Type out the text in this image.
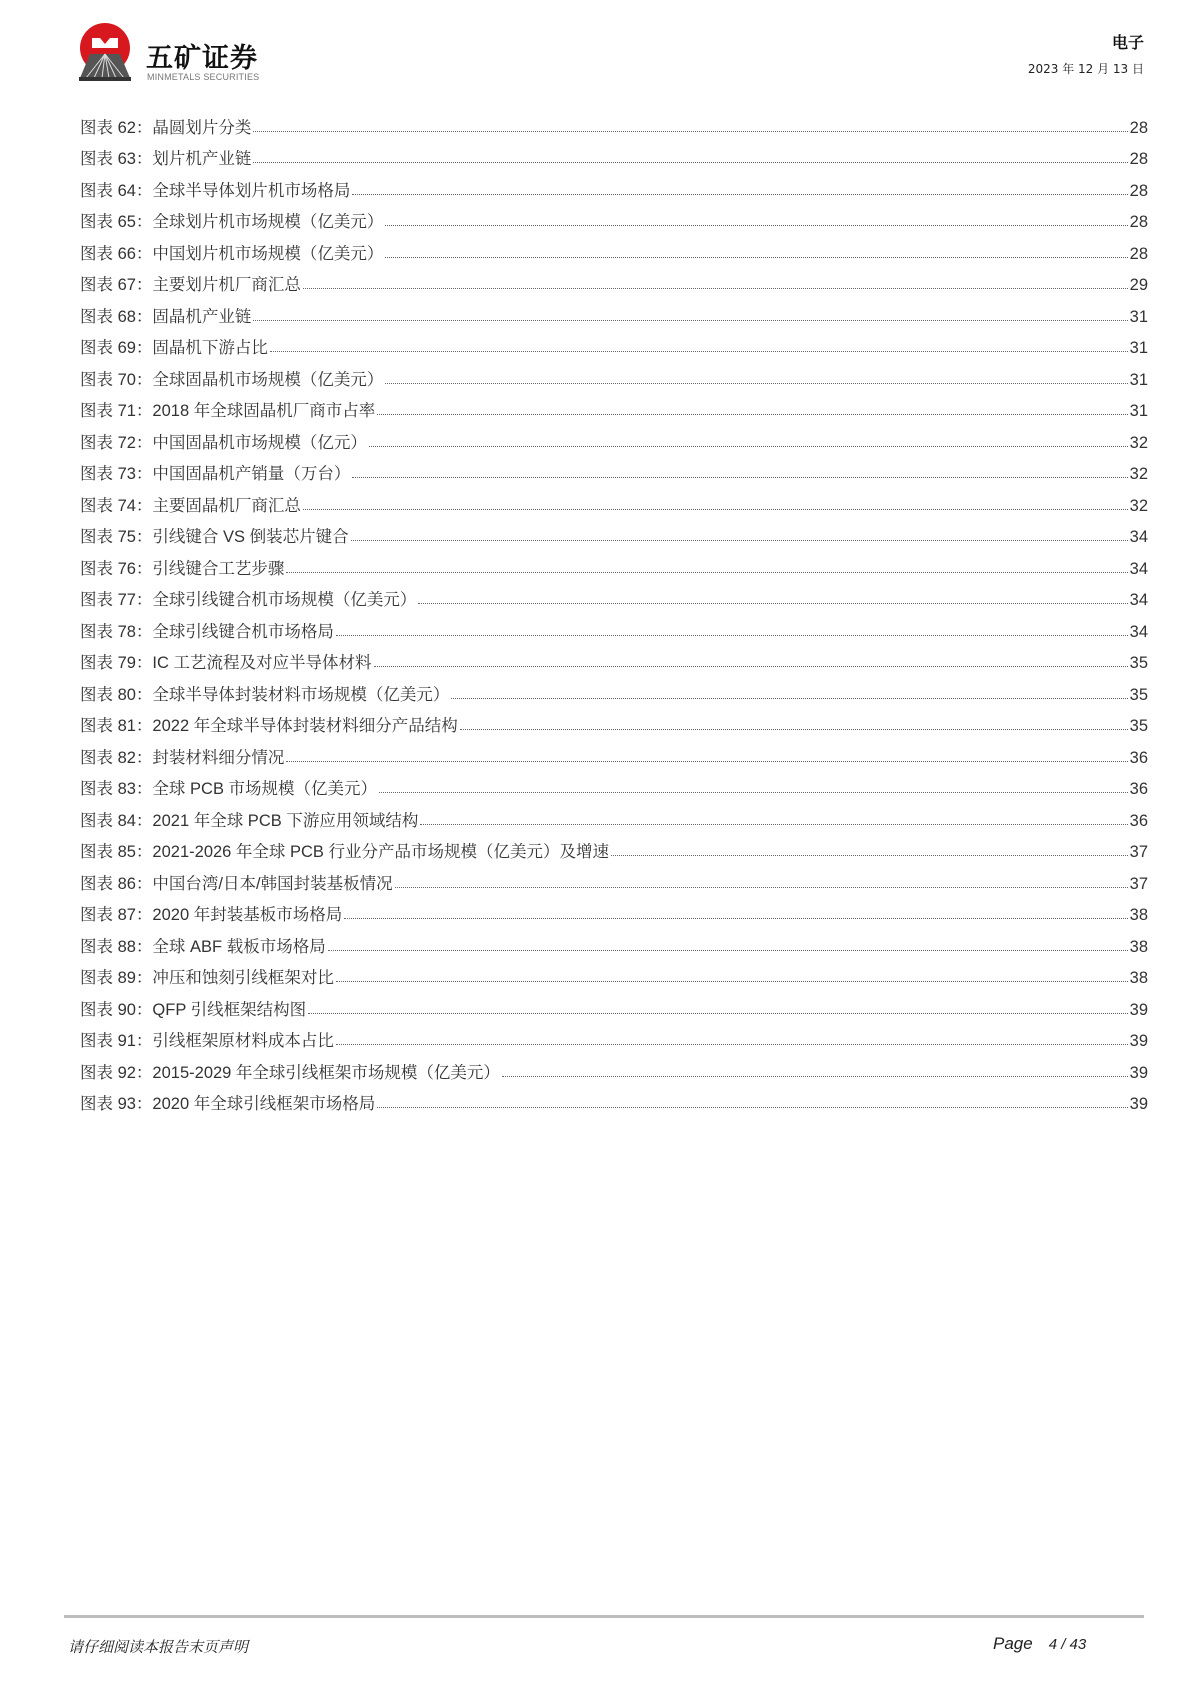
五矿证券
MINMETALS SECURITIES
电子
2023 年 12 月 13 日
图表 62：晶圆划片分类	28
图表 63：划片机产业链	28
图表 64：全球半导体划片机市场格局	28
图表 65：全球划片机市场规模（亿美元）	28
图表 66：中国划片机市场规模（亿美元）	28
图表 67：主要划片机厂商汇总	29
图表 68：固晶机产业链	31
图表 69：固晶机下游占比	31
图表 70：全球固晶机市场规模（亿美元）	31
图表 71：2018 年全球固晶机厂商市占率	31
图表 72：中国固晶机市场规模（亿元）	32
图表 73：中国固晶机产销量（万台）	32
图表 74：主要固晶机厂商汇总	32
图表 75：引线键合 VS 倒装芯片键合	34
图表 76：引线键合工艺步骤	34
图表 77：全球引线键合机市场规模（亿美元）	34
图表 78：全球引线键合机市场格局	34
图表 79：IC 工艺流程及对应半导体材料	35
图表 80：全球半导体封装材料市场规模（亿美元）	35
图表 81：2022 年全球半导体封装材料细分产品结构	35
图表 82：封装材料细分情况	36
图表 83：全球 PCB 市场规模（亿美元）	36
图表 84：2021 年全球 PCB 下游应用领域结构	36
图表 85：2021-2026 年全球 PCB 行业分产品市场规模（亿美元）及增速	37
图表 86：中国台湾/日本/韩国封装基板情况	37
图表 87：2020 年封装基板市场格局	38
图表 88：全球 ABF 载板市场格局	38
图表 89：冲压和蚀刻引线框架对比	38
图表 90：QFP 引线框架结构图	39
图表 91：引线框架原材料成本占比	39
图表 92：2015-2029 年全球引线框架市场规模（亿美元）	39
图表 93：2020 年全球引线框架市场格局	39
请仔细阅读本报告末页声明	Page 4 / 43
